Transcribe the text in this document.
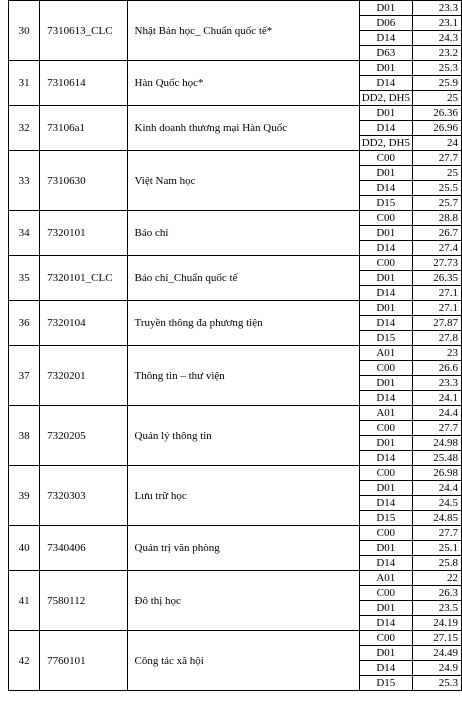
30	7310613_CLC	Nhật Bản học_ Chuẩn quốc tế*	D01	23.3
			D06	23.1
			D14	24.3
			D63	23.2
31	7310614	Hàn Quốc học*	D01	25.3
			D14	25.9
			DD2, DH5	25
32	73106a1	Kinh doanh thương mại Hàn Quốc	D01	26.36
			D14	26.96
			DD2, DH5	24
33	7310630	Việt Nam học	C00	27.7
			D01	25
			D14	25.5
			D15	25.7
34	7320101	Báo chí	C00	28.8
			D01	26.7
			D14	27.4
35	7320101_CLC	Báo chí_Chuẩn quốc tế	C00	27.73
			D01	26.35
			D14	27.1
36	7320104	Truyền thông đa phương tiện	D01	27.1
			D14	27.87
			D15	27.8
37	7320201	Thông tin – thư viện	A01	23
			C00	26.6
			D01	23.3
			D14	24.1
38	7320205	Quản lý thông tin	A01	24.4
			C00	27.7
			D01	24.98
			D14	25.48
39	7320303	Lưu trữ học	C00	26.98
			D01	24.4
			D14	24.5
			D15	24.85
40	7340406	Quản trị văn phòng	C00	27.7
			D01	25.1
			D14	25.8
41	7580112	Đô thị học	A01	22
			C00	26.3
			D01	23.5
			D14	24.19
42	7760101	Công tác xã hội	C00	27.15
			D01	24.49
			D14	24.9
			D15	25.3
